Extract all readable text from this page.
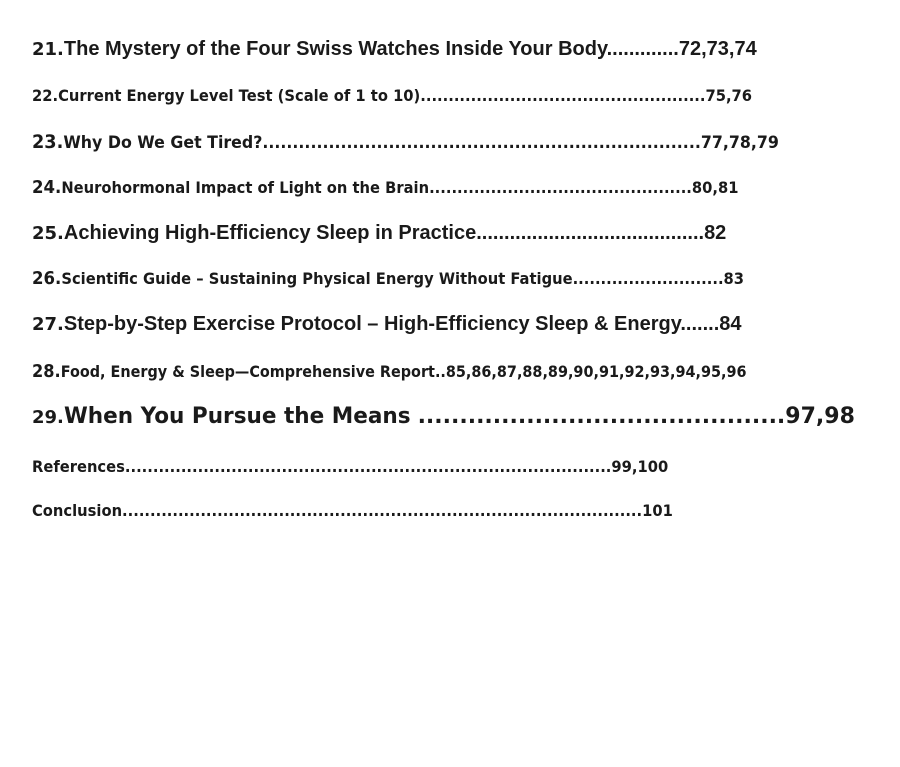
21.The Mystery of the Four Swiss Watches Inside Your Body.............72,73,74
22.Current Energy Level Test (Scale of 1 to 10)...................................................75,76
23.Why Do We Get Tired?.........................................................................77,78,79
24.Neurohormonal Impact of Light on the Brain...............................................80,81
25.Achieving High-Efficiency Sleep in Practice.........................................82
26.Scientific Guide – Sustaining Physical Energy Without Fatigue...........................83
27.Step-by-Step Exercise Protocol – High-Efficiency Sleep & Energy.......84
28.Food, Energy & Sleep—Comprehensive Report..85,86,87,88,89,90,91,92,93,94,95,96
29.When You Pursue the Means ............................................97,98
References.......................................................................................99,100
Conclusion.............................................................................................101
